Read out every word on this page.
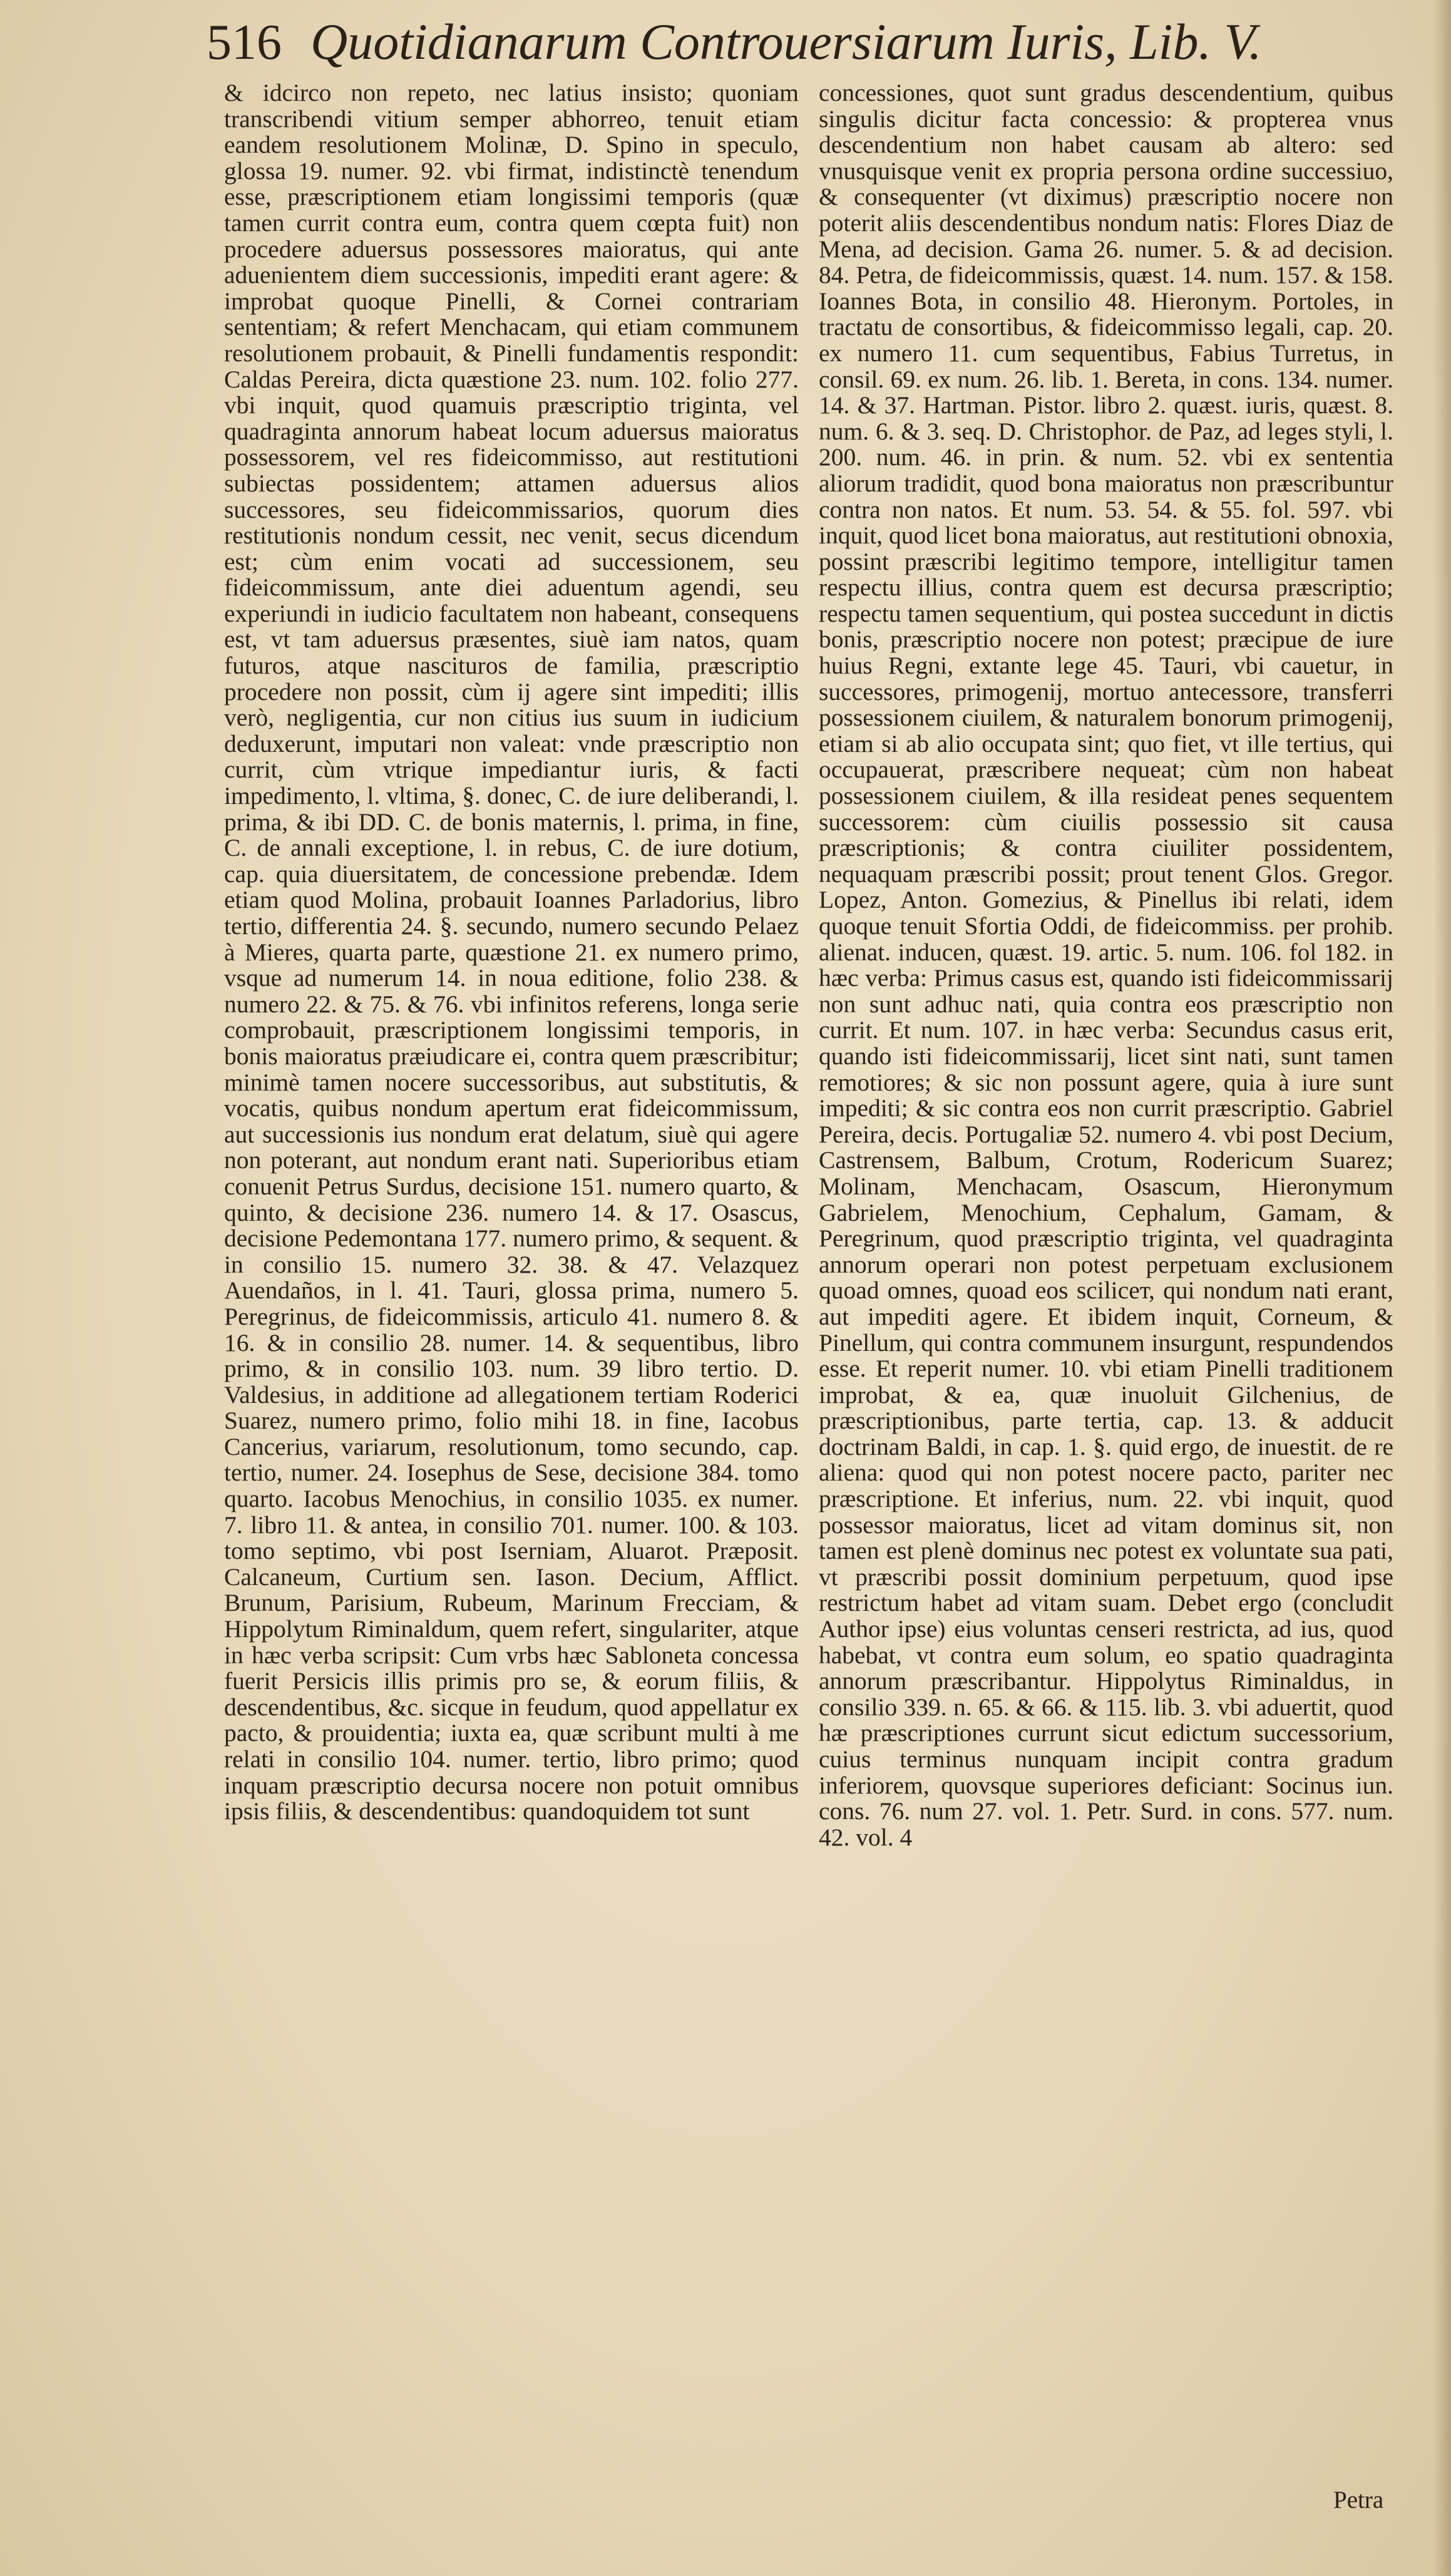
516 Quotidianarum Controuersiarum Iuris, Lib. V.

& idcirco non repeto, nec latius insisto; quoniam transcribendi vitium semper abhorreo, tenuit etiam eandem resolutionem Molinæ, D. Spino in speculo, glossa 19. numer. 92. vbi firmat, indistinctè tenendum esse, præscriptionem etiam longissimi temporis (quæ tamen currit contra eum, contra quem cœpta fuit) non procedere aduersus possessores maioratus, qui ante aduenientem diem successionis, impediti erant agere: & improbat quoque Pinelli, & Cornei contrariam sententiam; & refert Menchacam, qui etiam communem resolutionem probauit, & Pinelli fundamentis respondit: Caldas Pereira, dicta quæstione 23. num. 102. folio 277. vbi inquit, quod quamuis præscriptio triginta, vel quadraginta annorum habeat locum aduersus maioratus possessorem, vel res fideicommisso, aut restitutioni subiectas possidentem; attamen aduersus alios successores, seu fideicommissarios, quorum dies restitutionis nondum cessit, nec venit, secus dicendum est; cùm enim vocati ad successionem, seu fideicommissum, ante diei aduentum agendi, seu experiundi in iudicio facultatem non habeant, consequens est, vt tam aduersus præsentes, siuè iam natos, quam futuros, atque nascituros de familia, præscriptio procedere non possit, cùm ij agere sint impediti; illis verò, negligentia, cur non citius ius suum in iudicium deduxerunt, imputari non valeat: vnde præscriptio non currit, cùm vtrique impediantur iuris, & facti impedimento, l. vltima, §. donec, C. de iure deliberandi, l. prima, & ibi DD. C. de bonis maternis, l. prima, in fine, C. de annali exceptione, l. in rebus, C. de iure dotium, cap. quia diuersitatem, de concessione prebendæ. Idem etiam quod Molina, probauit Ioannes Parladorius, libro tertio, differentia 24. §. secundo, numero secundo Pelaez à Mieres, quarta parte, quæstione 21. ex numero primo, vsque ad numerum 14. in noua editione, folio 238. & numero 22. & 75. & 76. vbi infinitos referens, longa serie comprobauit, præscriptionem longissimi temporis, in bonis maioratus præiudicare ei, contra quem præscribitur; minimè tamen nocere successoribus, aut substitutis, & vocatis, quibus nondum apertum erat fideicommissum, aut successionis ius nondum erat delatum, siuè qui agere non poterant, aut nondum erant nati. Superioribus etiam conuenit Petrus Surdus, decisione 151. numero quarto, & quinto, & decisione 236. numero 14. & 17. Osascus, decisione Pedemontana 177. numero primo, & sequent. & in consilio 15. numero 32. 38. & 47. Velazquez Auendaños, in l. 41. Tauri, glossa prima, numero 5. Peregrinus, de fideicommissis, articulo 41. numero 8. & 16. & in consilio 28. numer. 14. & sequentibus, libro primo, & in consilio 103. num. 39 libro tertio. D. Valdesius, in additione ad allegationem tertiam Roderici Suarez, numero primo, folio mihi 18. in fine, Iacobus Cancerius, variarum, resolutionum, tomo secundo, cap. tertio, numer. 24. Iosephus de Sese, decisione 384. tomo quarto. Iacobus Menochius, in consilio 1035. ex numer. 7. libro 11. & antea, in consilio 701. numer. 100. & 103. tomo septimo, vbi post Iserniam, Aluarot. Præposit. Calcaneum, Curtium sen. Iason. Decium, Afflict. Brunum, Parisium, Rubeum, Marinum Frecciam, & Hippolytum Riminaldum, quem refert, singulariter, atque in hæc verba scripsit: Cum vrbs hæc Sabloneta concessa fuerit Persicis illis primis pro se, & eorum filiis, & descendentibus, &c. sicque in feudum, quod appellatur ex pacto, & prouidentia; iuxta ea, quæ scribunt multi à me relati in consilio 104. numer. tertio, libro primo; quod inquam præscriptio decursa nocere non potuit omnibus ipsis filiis, & descendentibus: quandoquidem tot sunt

concessiones, quot sunt gradus descendentium, quibus singulis dicitur facta concessio: & propterea vnus descendentium non habet causam ab altero: sed vnusquisque venit ex propria persona ordine successiuo, & consequenter (vt diximus) præscriptio nocere non poterit aliis descendentibus nondum natis: Flores Diaz de Mena, ad decision. Gama 26. numer. 5. & ad decision. 84. Petra, de fideicommissis, quæst. 14. num. 157. & 158. Ioannes Bota, in consilio 48. Hieronym. Portoles, in tractatu de consortibus, & fideicommisso legali, cap. 20. ex numero 11. cum sequentibus, Fabius Turretus, in consil. 69. ex num. 26. lib. 1. Bereta, in cons. 134. numer. 14. & 37. Hartman. Pistor. libro 2. quæst. iuris, quæst. 8. num. 6. & 3. seq. D. Christophor. de Paz, ad leges styli, l. 200. num. 46. in prin. & num. 52. vbi ex sententia aliorum tradidit, quod bona maioratus non præscribuntur contra non natos. Et num. 53. 54. & 55. fol. 597. vbi inquit, quod licet bona maioratus, aut restitutioni obnoxia, possint præscribi legitimo tempore, intelligitur tamen respectu illius, contra quem est decursa præscriptio; respectu tamen sequentium, qui postea succedunt in dictis bonis, præscriptio nocere non potest; præcipue de iure huius Regni, extante lege 45. Tauri, vbi cauetur, in successores, primogenij, mortuo antecessore, transferri possessionem ciuilem, & naturalem bonorum primogenij, etiam si ab alio occupata sint; quo fiet, vt ille tertius, qui occupauerat, præscribere nequeat; cùm non habeat possessionem ciuilem, & illa resideat penes sequentem successorem: cùm ciuilis possessio sit causa præscriptionis; & contra ciuiliter possidentem, nequaquam præscribi possit; prout tenent Glos. Gregor. Lopez, Anton. Gomezius, & Pinellus ibi relati, idem quoque tenuit Sfortia Oddi, de fideicommiss. per prohib. alienat. inducen, quæst. 19. artic. 5. num. 106. fol 182. in hæc verba: Primus casus est, quando isti fideicommissarij non sunt adhuc nati, quia contra eos præscriptio non currit. Et num. 107. in hæc verba: Secundus casus erit, quando isti fideicommissarij, licet sint nati, sunt tamen remotiores; & sic non possunt agere, quia à iure sunt impediti; & sic contra eos non currit præscriptio. Gabriel Pereira, decis. Portugaliæ 52. numero 4. vbi post Decium, Castrensem, Balbum, Crotum, Rodericum Suarez; Molinam, Menchacam, Osascum, Hieronymum Gabrielem, Menochium, Cephalum, Gamam, & Peregrinum, quod præscriptio triginta, vel quadraginta annorum operari non potest perpetuam exclusionem quoad omnes, quoad eos sciliceт, qui nondum nati erant, aut impediti agere. Et ibidem inquit, Corneum, & Pinellum, qui contra communem insurgunt, respundendos esse. Et reperit numer. 10. vbi etiam Pinelli traditionem improbat, & ea, quæ inuoluit Gilchenius, de præscriptionibus, parte tertia, cap. 13. & adducit doctrinam Baldi, in cap. 1. §. quid ergo, de inuestit. de re aliena: quod qui non potest nocere pacto, pariter nec præscriptione. Et inferius, num. 22. vbi inquit, quod possessor maioratus, licet ad vitam dominus sit, non tamen est plenè dominus nec potest ex voluntate sua pati, vt præscribi possit dominium perpetuum, quod ipse restrictum habet ad vitam suam. Debet ergo (concludit Author ipse) eius voluntas censeri restricta, ad ius, quod habebat, vt contra eum solum, eo spatio quadraginta annorum præscribantur. Hippolytus Riminaldus, in consilio 339. n. 65. & 66. & 115. lib. 3. vbi aduertit, quod hæ præscriptiones currunt sicut edictum successorium, cuius terminus nunquam incipit contra gradum inferiorem, quovsque superiores deficiant: Socinus iun. cons. 76. num 27. vol. 1. Petr. Surd. in cons. 577. num. 42. vol. 4

Petra
